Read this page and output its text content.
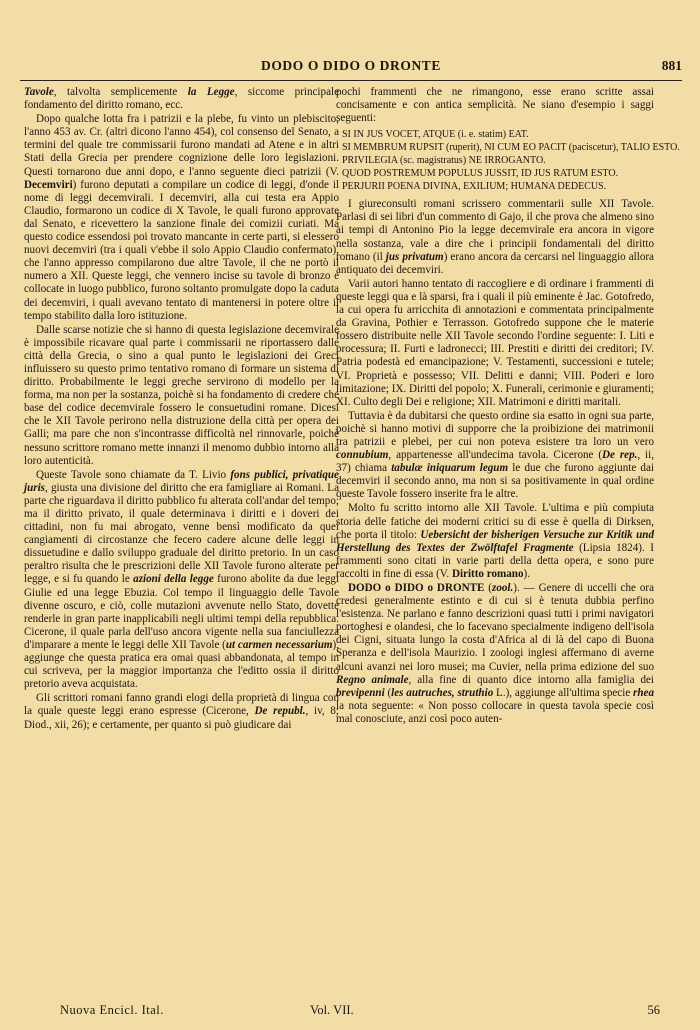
DODO O DIDO O DRONTE	881

Tavole, talvolta semplicemente la Legge, siccome principale fondamento del diritto romano, ecc.

Dopo qualche lotta fra i patrizii e la plebe, fu vinto un plebiscito, l'anno 453 av. Cr. (altri dicono l'anno 454), col consenso del Senato, a termini del quale tre commissarii furono mandati ad Atene e in altri Stati della Grecia per prendere cognizione delle loro legislazioni. Questi tornarono due anni dopo, e l'anno seguente dieci patrizii (V. Decemviri) furono deputati a compilare un codice di leggi, d'onde il nome di leggi decemvirali. I decemviri, alla cui testa era Appio Claudio, formarono un codice di X Tavole, le quali furono approvate dal Senato, e ricevettero la sanzione finale dei comizii curiati. Ma questo codice essendosi poi trovato mancante in certe parti, si elessero nuovi decemviri (tra i quali v'ebbe il solo Appio Claudio confermato), che l'anno appresso compilarono due altre Tavole, il che ne portò il numero a XII. Queste leggi, che vennero incise su tavole di bronzo e collocate in luogo pubblico, furono soltanto promulgate dopo la caduta dei decemviri, i quali avevano tentato di mantenersi in potere oltre il tempo stabilito dalla loro istituzione.

Dalle scarse notizie che si hanno di questa legislazione decemvirale è impossibile ricavare qual parte i commissarii ne riportassero dalle città della Grecia, o sino a qual punto le legislazioni dei Greci influissero su questo primo tentativo romano di formare un sistema di diritto. Probabilmente le leggi greche servirono di modello per la forma, ma non per la sostanza, poichè si ha fondamento di credere che base del codice decemvirale fossero le consuetudini romane. Dicesi che le XII Tavole perirono nella distruzione della città per opera dei Galli; ma pare che non s'incontrasse difficoltà nel rinnovarle, poichè nessuno scrittore romano mette innanzi il menomo dubbio intorno alla loro autenticità.

Queste Tavole sono chiamate da T. Livio fons publici, privatique juris, giusta una divisione del diritto che era famigliare ai Romani. La parte che riguardava il diritto pubblico fu alterata coll'andar del tempo; ma il diritto privato, il quale determinava i diritti e i doveri dei cittadini, non fu mai abrogato, venne bensì modificato da quei cangiamenti di circostanze che fecero cadere alcune delle leggi in dissuetudine e dallo sviluppo graduale del diritto pretorio. In un caso peraltro risulta che le prescrizioni delle XII Tavole furono alterate per legge, e si fu quando le azioni della legge furono abolite da due leggi Giulie ed una legge Ebuzia. Col tempo il linguaggio delle Tavole divenne oscuro, e ciò, colle mutazioni avvenute nello Stato, dovette renderle in gran parte inapplicabili negli ultimi tempi della repubblica. Cicerone, il quale parla dell'uso ancora vigente nella sua fanciullezza d'imparare a mente le leggi delle XII Tavole (ut carmen necessarium), aggiunge che questa pratica era omai quasi abbandonata, al tempo in cui scriveva, per la maggior importanza che l'editto ossia il diritto pretorio aveva acquistata.

Gli scrittori romani fanno grandi elogi della proprietà di lingua con la quale queste leggi erano espresse (Cicerone, De republ., iv, 8; Diod., xii, 26); e certamente, per quanto si può giudicare dai

pochi frammenti che ne rimangono, esse erano scritte assai concisamente e con antica semplicità. Ne siano d'esempio i saggi seguenti:

SI IN JUS VOCET, ATQUE (i. e. statim) EAT.
SI MEMBRUM RUPSIT (ruperit), NI CUM EO PACIT (paciscetur), TALIO ESTO.
PRIVILEGIA (sc. magistratus) NE IRROGANTO.
QUOD POSTREMUM POPULUS JUSSIT, ID JUS RATUM ESTO.
PERJURII POENA DIVINA, EXILIUM; HUMANA DEDECUS.

I giureconsulti romani scrissero commentarii sulle XII Tavole. Parlasi di sei libri d'un commento di Gajo, il che prova che almeno sino ai tempi di Antonino Pio la legge decemvirale era ancora in vigore nella sostanza, vale a dire che i principii fondamentali del diritto romano (il jus privatum) erano ancora da cercarsi nel linguaggio allora antiquato dei decemviri.

Varii autori hanno tentato di raccogliere e di ordinare i frammenti di queste leggi qua e là sparsi, fra i quali il più eminente è Jac. Gotofredo, la cui opera fu arricchita di annotazioni e commentata principalmente da Gravina, Pothier e Terrasson. Gotofredo suppone che le materie fossero distribuite nelle XII Tavole secondo l'ordine seguente: I. Liti e processura; II. Furti e ladronecci; III. Prestiti e diritti dei creditori; IV. Patria podestà ed emancipazione; V. Testamenti, successioni e tutele; VI. Proprietà e possesso; VII. Delitti e danni; VIII. Poderi e loro limitazione; IX. Diritti del popolo; X. Funerali, cerimonie e giuramenti; XI. Culto degli Dei e religione; XII. Matrimoni e diritti maritali.

Tuttavia è da dubitarsi che questo ordine sia esatto in ogni sua parte, poichè si hanno motivi di supporre che la proibizione dei matrimonii tra patrizii e plebei, per cui non poteva esistere tra loro un vero connubium, appartenesse all'undecima tavola. Cicerone (De rep., ii, 37) chiama tabulæ iniquarum legum le due che furono aggiunte dai decemviri il secondo anno, ma non si sa positivamente in qual ordine queste Tavole fossero inserite fra le altre.

Molto fu scritto intorno alle XII Tavole. L'ultima e più compiuta storia delle fatiche dei moderni critici su di esse è quella di Dirksen, che porta il titolo: Uebersicht der bisherigen Versuche zur Kritik und Herstellung des Textes der Zwölftafel Fragmente (Lipsia 1824). I frammenti sono citati in varie parti della detta opera, e sono pure raccolti in fine di essa (V. Diritto romano).

DODO o DIDO o DRONTE (zool.). — Genere di uccelli che ora credesi generalmente estinto e di cui si è tenuta dubbia perfino l'esistenza. Ne parlano e fanno descrizioni quasi tutti i primi navigatori portoghesi e olandesi, che lo facevano specialmente indigeno dell'isola dei Cigni, situata lungo la costa d'Africa al di là del capo di Buona Speranza e dell'isola Maurizio. I zoologi inglesi affermano di averne alcuni avanzi nei loro musei; ma Cuvier, nella prima edizione del suo Regno animale, alla fine di quanto dice intorno alla famiglia dei brevipenni (les autruches, struthio L.), aggiunge all'ultima specie rhea la nota seguente: « Non posso collocare in questa tavola specie così mal conosciute, anzi così poco auten-

Nuova Encicl. Ital.	Vol. VII.	56
